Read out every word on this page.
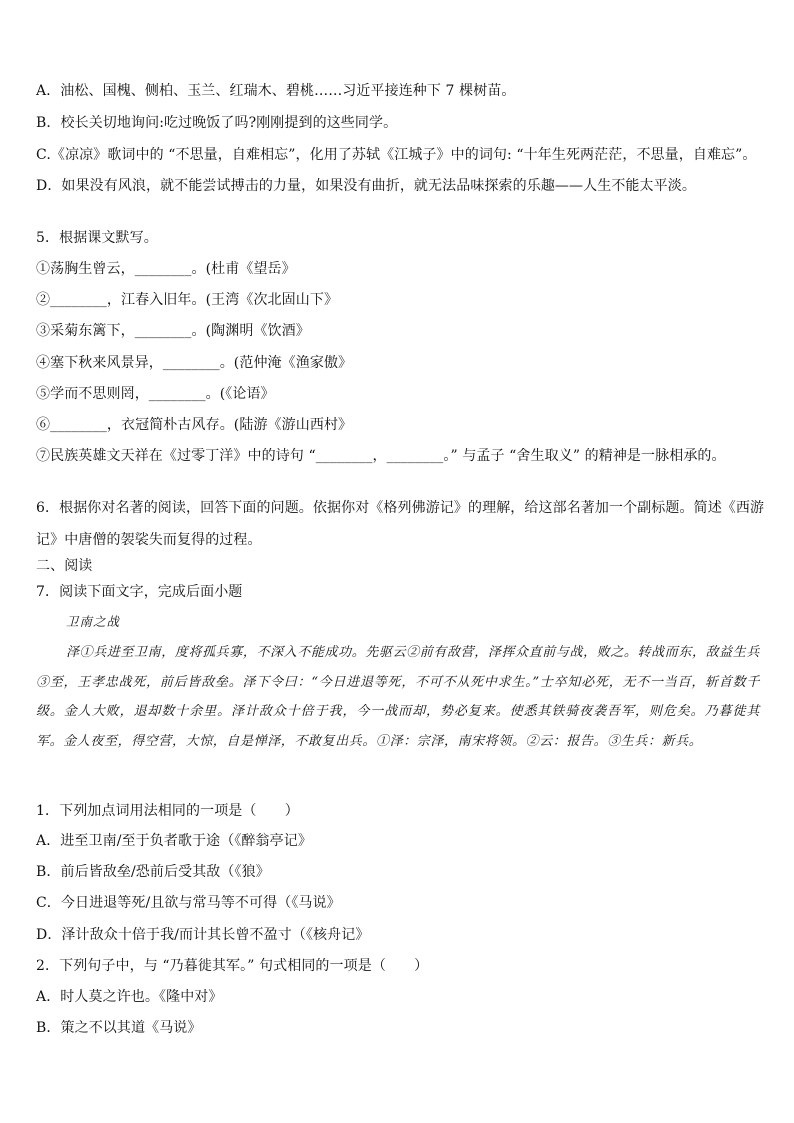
A．油松、国槐、侧柏、玉兰、红瑞木、碧桃……习近平接连种下 7 棵树苗。
B．校长关切地询问:吃过晚饭了吗?刚刚提到的这些同学。
C.《凉凉》歌词中的 “不思量，自难相忘”，化用了苏轼《江城子》中的词句: “十年生死两茫茫，不思量，自难忘”。
D．如果没有风浪，就不能尝试搏击的力量，如果没有曲折，就无法品味探索的乐趣——人生不能太平淡。
5．根据课文默写。
①荡胸生曾云，________。(杜甫《望岳》
②________，江春入旧年。(王湾《次北固山下》
③采菊东篱下，________。(陶渊明《饮酒》
④塞下秋来风景异，________。(范仲淹《渔家傲》
⑤学而不思则罔，________。(《论语》
⑥________，衣冠简朴古风存。(陆游《游山西村》
⑦民族英雄文天祥在《过零丁洋》中的诗句 “________，________。” 与孟子 “舍生取义” 的精神是一脉相承的。
6．根据你对名著的阅读，回答下面的问题。依据你对《格列佛游记》的理解，给这部名著加一个副标题。简述《西游
记》中唐僧的袈裟失而复得的过程。
二、阅读
7．阅读下面文字，完成后面小题
卫南之战
泽①兵进至卫南，度将孤兵寡，不深入不能成功。先驱云②前有敌营，泽挥众直前与战，败之。转战而东，敌益生兵③至，王孝忠战死，前后皆敌垒。泽下令曰：“今日进退等死，不可不从死中求生。”士卒知必死，无不一当百，斩首数千级。金人大败，退却数十余里。泽计敌众十倍于我，今一战而却，势必复来。使悉其铁骑夜袭吾军，则危矣。乃暮徙其军。金人夜至，得空营，大惊，自是惮泽，不敢复出兵。①泽：宗泽，南宋将领。②云：报告。③生兵：新兵。
1．下列加点词用法相同的一项是（　　）
A．进至卫南/至于负者歌于途（《醉翁亭记》
B．前后皆敌垒/恐前后受其敌（《狼》
C．今日进退等死/且欲与常马等不可得（《马说》
D．泽计敌众十倍于我/而计其长曾不盈寸（《核舟记》
2．下列句子中，与 “乃暮徙其军。” 句式相同的一项是（　　）
A．时人莫之许也。《隆中对》
B．策之不以其道《马说》
